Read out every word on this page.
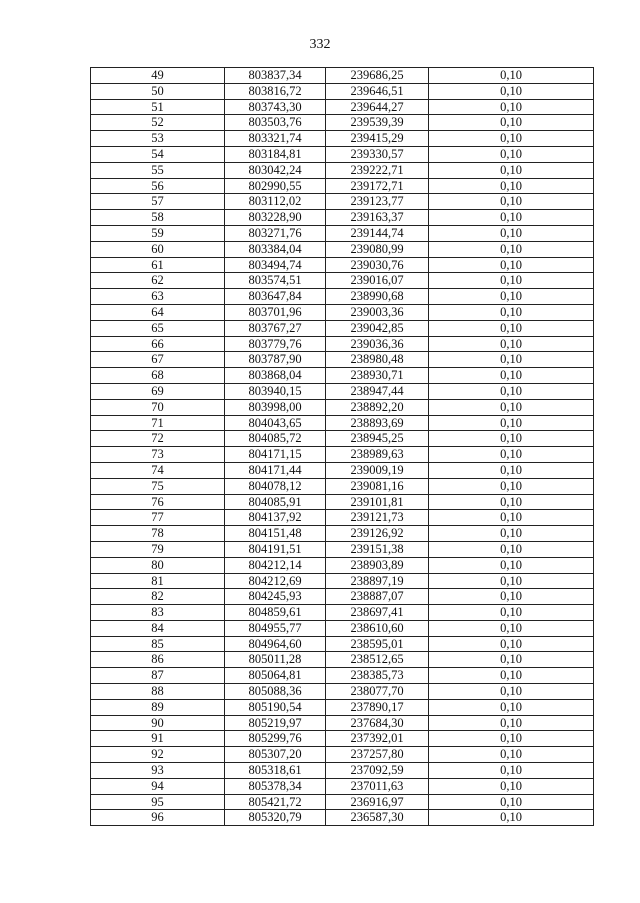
332
49	803837,34	239686,25	0,10
50	803816,72	239646,51	0,10
51	803743,30	239644,27	0,10
52	803503,76	239539,39	0,10
53	803321,74	239415,29	0,10
54	803184,81	239330,57	0,10
55	803042,24	239222,71	0,10
56	802990,55	239172,71	0,10
57	803112,02	239123,77	0,10
58	803228,90	239163,37	0,10
59	803271,76	239144,74	0,10
60	803384,04	239080,99	0,10
61	803494,74	239030,76	0,10
62	803574,51	239016,07	0,10
63	803647,84	238990,68	0,10
64	803701,96	239003,36	0,10
65	803767,27	239042,85	0,10
66	803779,76	239036,36	0,10
67	803787,90	238980,48	0,10
68	803868,04	238930,71	0,10
69	803940,15	238947,44	0,10
70	803998,00	238892,20	0,10
71	804043,65	238893,69	0,10
72	804085,72	238945,25	0,10
73	804171,15	238989,63	0,10
74	804171,44	239009,19	0,10
75	804078,12	239081,16	0,10
76	804085,91	239101,81	0,10
77	804137,92	239121,73	0,10
78	804151,48	239126,92	0,10
79	804191,51	239151,38	0,10
80	804212,14	238903,89	0,10
81	804212,69	238897,19	0,10
82	804245,93	238887,07	0,10
83	804859,61	238697,41	0,10
84	804955,77	238610,60	0,10
85	804964,60	238595,01	0,10
86	805011,28	238512,65	0,10
87	805064,81	238385,73	0,10
88	805088,36	238077,70	0,10
89	805190,54	237890,17	0,10
90	805219,97	237684,30	0,10
91	805299,76	237392,01	0,10
92	805307,20	237257,80	0,10
93	805318,61	237092,59	0,10
94	805378,34	237011,63	0,10
95	805421,72	236916,97	0,10
96	805320,79	236587,30	0,10
